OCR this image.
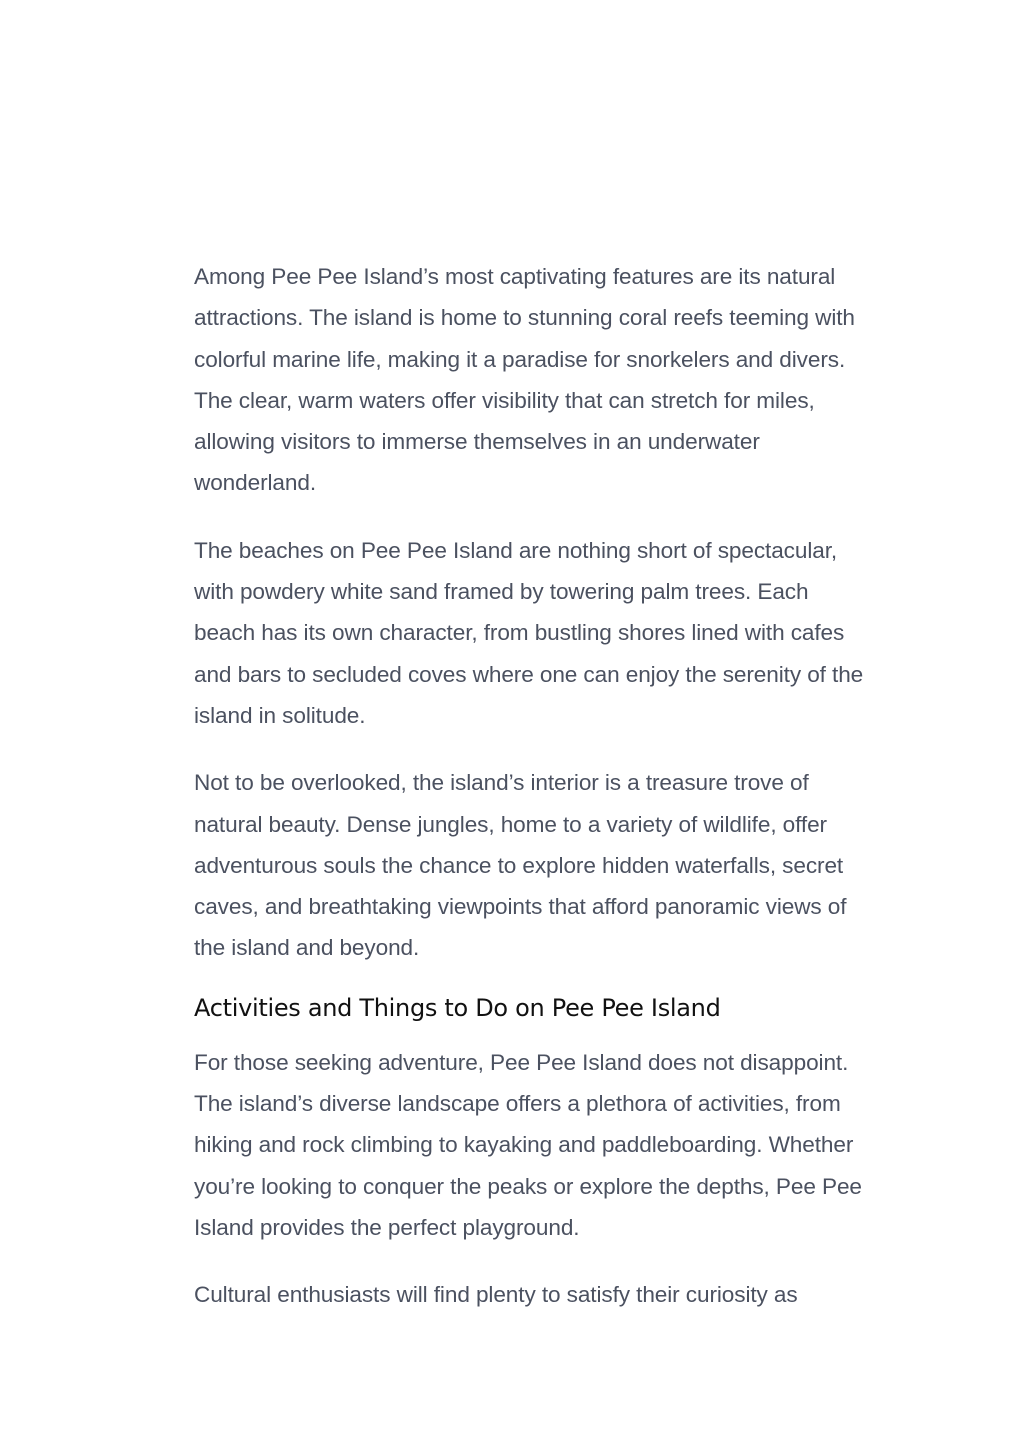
Among Pee Pee Island’s most captivating features are its natural attractions. The island is home to stunning coral reefs teeming with colorful marine life, making it a paradise for snorkelers and divers. The clear, warm waters offer visibility that can stretch for miles, allowing visitors to immerse themselves in an underwater wonderland.

The beaches on Pee Pee Island are nothing short of spectacular, with powdery white sand framed by towering palm trees. Each beach has its own character, from bustling shores lined with cafes and bars to secluded coves where one can enjoy the serenity of the island in solitude.

Not to be overlooked, the island’s interior is a treasure trove of natural beauty. Dense jungles, home to a variety of wildlife, offer adventurous souls the chance to explore hidden waterfalls, secret caves, and breathtaking viewpoints that afford panoramic views of the island and beyond.

Activities and Things to Do on Pee Pee Island

For those seeking adventure, Pee Pee Island does not disappoint. The island’s diverse landscape offers a plethora of activities, from hiking and rock climbing to kayaking and paddleboarding. Whether you’re looking to conquer the peaks or explore the depths, Pee Pee Island provides the perfect playground.

Cultural enthusiasts will find plenty to satisfy their curiosity as
